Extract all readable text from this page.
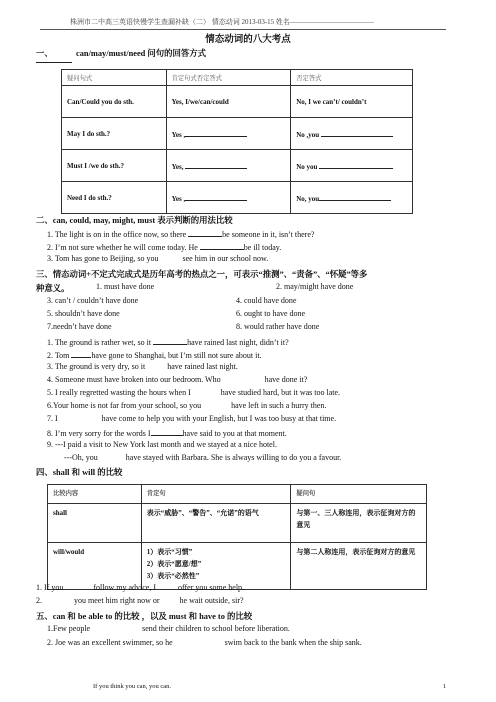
株洲市二中高三英语快慢学生查漏补缺（二） 情态动词 2013-03-15 姓名————————————
情态动词的八大考点
一、	can/may/must/need 问句的回答方式
疑问句式	肯定句式否定答式	否定答式
Can/Could you do sth.	Yes, I/we/can/could	No, I we can’t/ couldn’t
May I do sth.?	Yes ,	No ,you
Must I /we do sth.?	Yes,	No you
Need I do sth.?	Yes ,	No, you
二、can, could, may, might, must 表示判断的用法比较
1. The light is on in the office now, so there	be someone in it, isn’t there?
2. I’m not sure whether he will come today. He	be ill today.
3. Tom has gone to Beijing, so you	see him in our school now.
三、情态动词+不定式完成式是历年高考的热点之一，可表示“推测”、“责备”、“怀疑”等多
种意义。	1. must have done	2. may/might have done
3. can’t / couldn’t have done	4. could have done
5. shouldn’t have done	6. ought to have done
7.needn’t have done	8. would rather have done
1. The ground is rather wet, so it	have rained last night, didn’t it?
2. Tom	have gone to Shanghai, but I’m still not sure about it.
3. The ground is very dry, so it	have rained last night.
4. Someone must have broken into our bedroom. Who	have done it?
5. I really regretted wasting the hours when I	have studied hard, but it was too late.
6.Your home is not far from your school, so you	have left in such a hurry then.
7. I	have come to help you with your English, but I was too busy at that time.
8. I’m very sorry for the words I	have said to you at that moment.
9. ---I paid a visit to New York last month and we stayed at a nice hotel.
---Oh, you	have stayed with Barbara. She is always willing to do you a favour.
四、shall 和 will 的比较
比较内容	肯定句	疑问句
shall	表示“威胁”、“警告”、“允诺”的语气	与第一、三人称连用，表示征询对方的意见
will/would	1）表示“习惯”
2）表示“愿意/想”
3）表示“必然性”	与第二人称连用，表示征询对方的意见
1. If you	follow my advice, I	offer you some help.
2.	you meet him right now or	he wait outside, sir?
五、can 和 be able to 的比较 ，以及 must 和 have to 的比较
1.Few people	send their children to school before liberation.
2. Joe was an excellent swimmer, so he	swim back to the bank when the ship sank.
If you think you can, you can.	1
